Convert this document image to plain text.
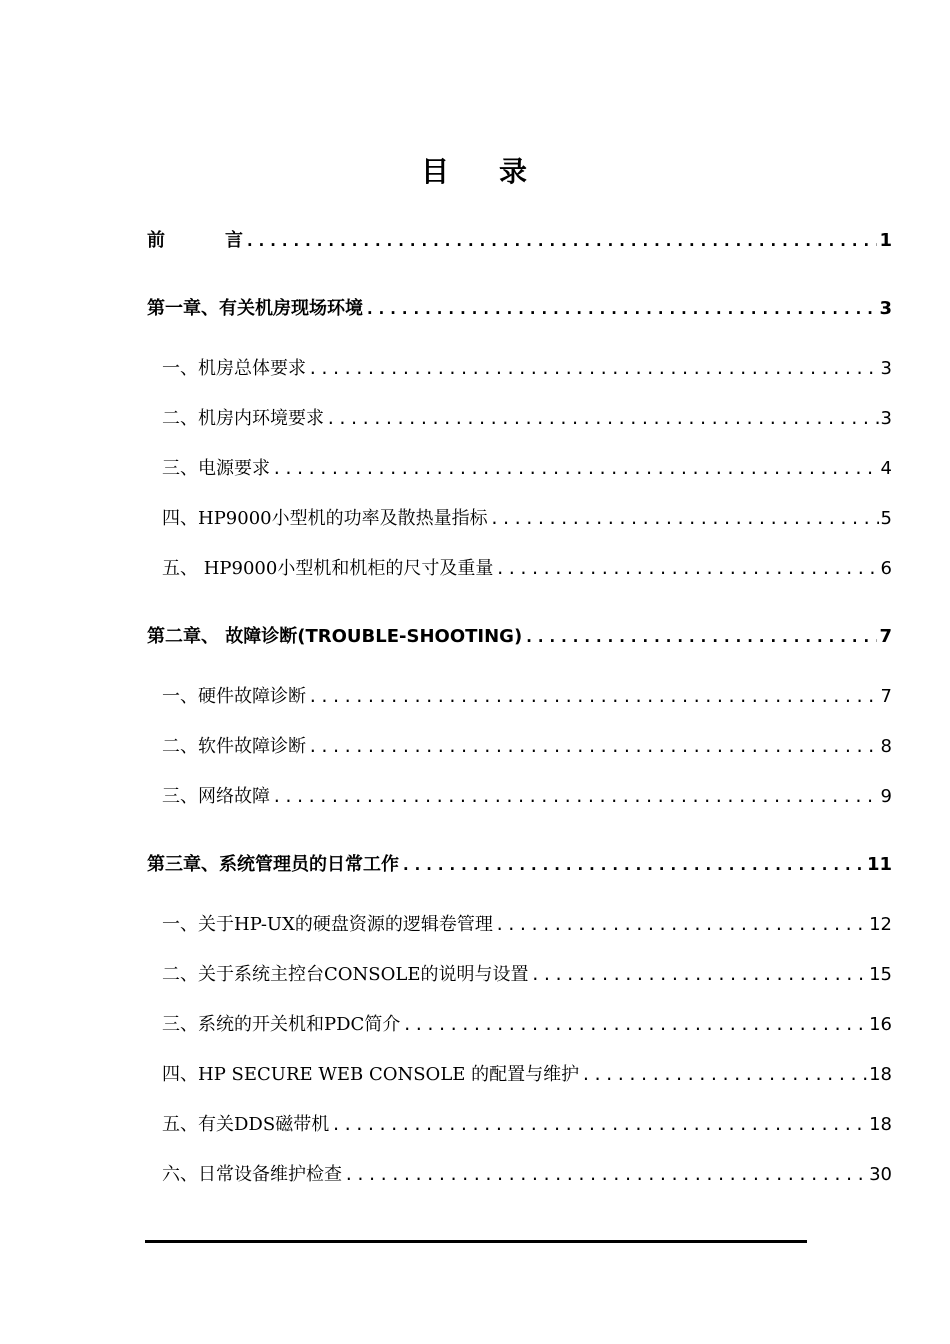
目 录
前	言 .....	1
第一章、有关机房现场环境 .....	3
一、机房总体要求 .....	3
二、机房内环境要求 .....	3
三、电源要求 .....	4
四、HP9000小型机的功率及散热量指标 .....	5
五、 HP9000小型机和机柜的尺寸及重量 .....	6
第二章、 故障诊断(TROUBLE-SHOOTING) .....	7
一、硬件故障诊断 .....	7
二、软件故障诊断 .....	8
三、网络故障 .....	9
第三章、系统管理员的日常工作 .....	11
一、关于HP-UX的硬盘资源的逻辑卷管理 .....	12
二、关于系统主控台CONSOLE的说明与设置 .....	15
三、系统的开关机和PDC简介 .....	16
四、HP SECURE WEB CONSOLE 的配置与维护 .....	18
五、有关DDS磁带机 .....	18
六、日常设备维护检查 .....	30
